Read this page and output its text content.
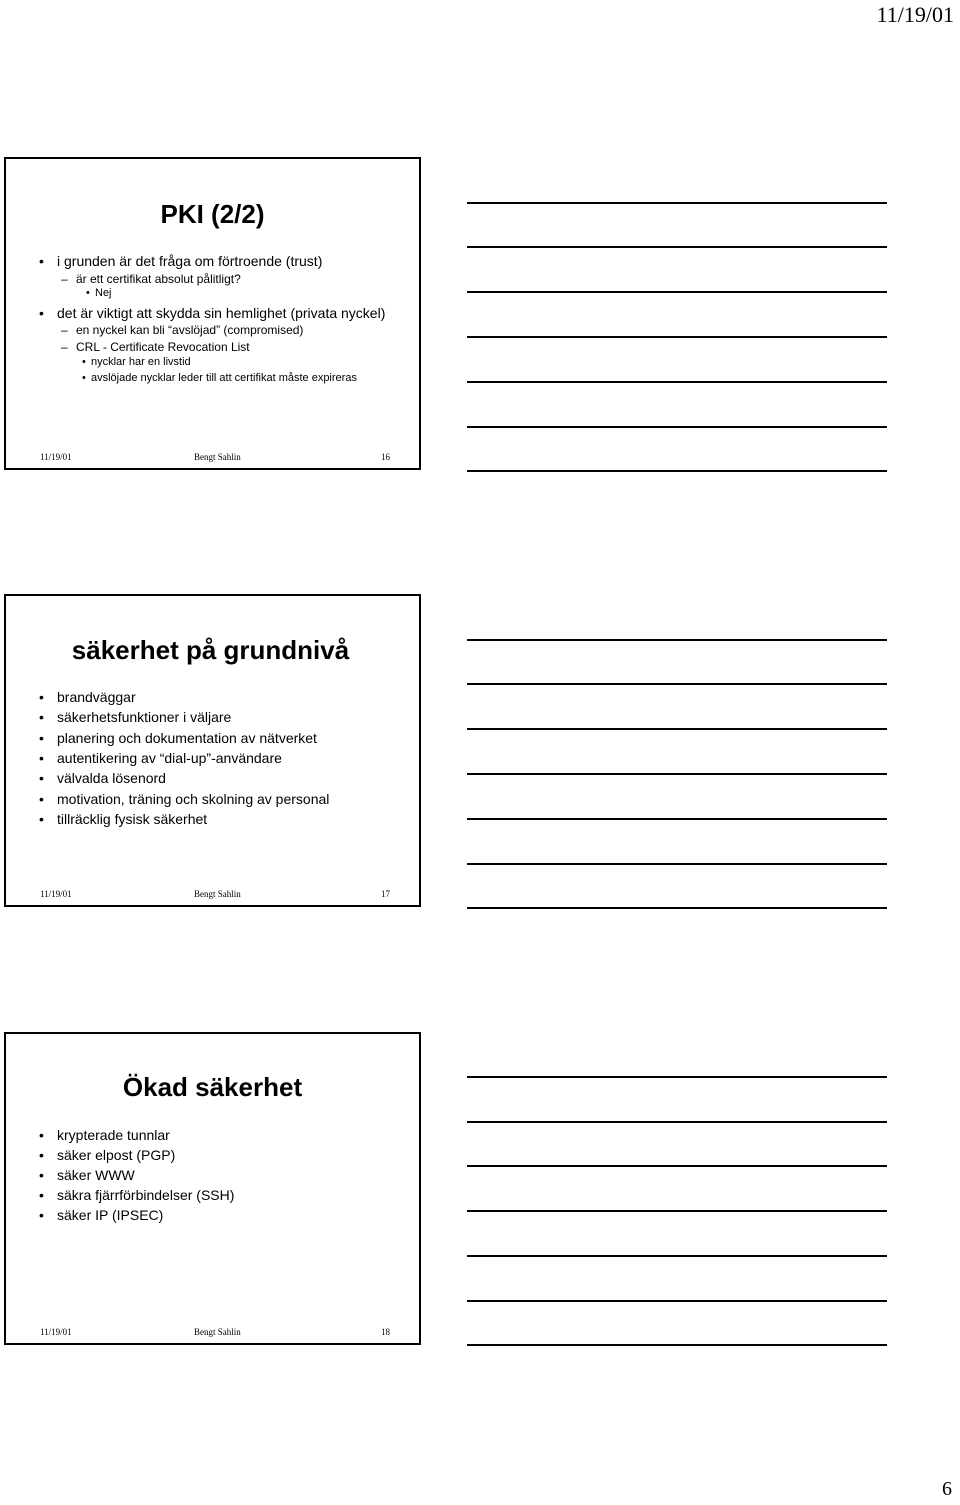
11/19/01
PKI (2/2)
• i grunden är det fråga om förtroende (trust)
– är ett certifikat absolut pålitligt?
• Nej
• det är viktigt att skydda sin hemlighet (privata nyckel)
– en nyckel kan bli “avslöjad” (compromised)
– CRL - Certificate Revocation List
• nycklar har en livstid
• avslöjade nycklar leder till att certifikat måste expireras
11/19/01	Bengt Sahlin	16
säkerhet på grundnivå
• brandväggar
• säkerhetsfunktioner i väljare
• planering och dokumentation av nätverket
• autentikering av “dial-up”-användare
• välvalda lösenord
• motivation, träning och skolning av personal
• tillräcklig fysisk säkerhet
11/19/01	Bengt Sahlin	17
Ökad säkerhet
• krypterade tunnlar
• säker elpost (PGP)
• säker WWW
• säkra fjärrförbindelser (SSH)
• säker IP (IPSEC)
11/19/01	Bengt Sahlin	18
6
